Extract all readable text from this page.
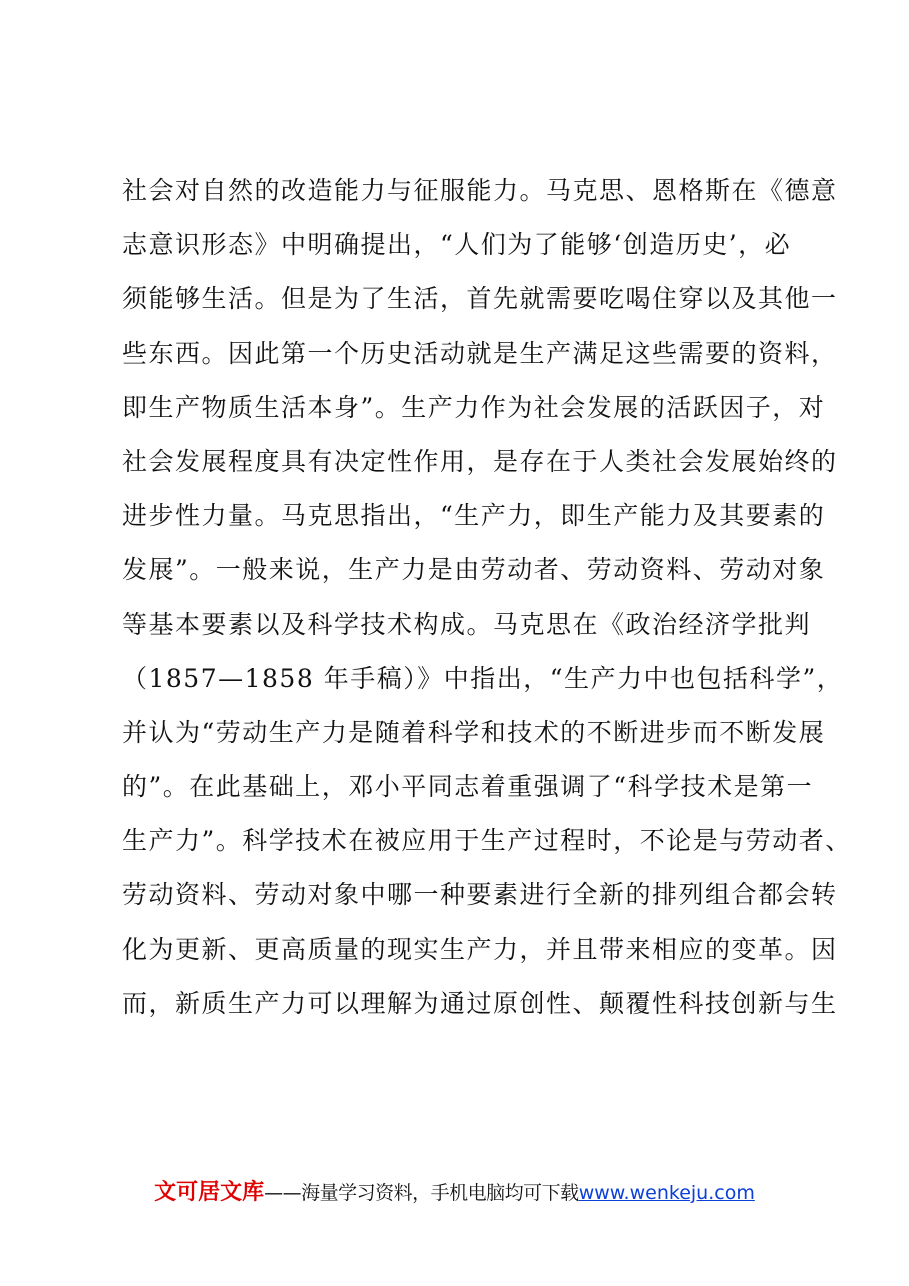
社会对自然的改造能力与征服能力。马克思、恩格斯在《德意
志意识形态》中明确提出，“人们为了能够‘创造历史’，必
须能够生活。但是为了生活，首先就需要吃喝住穿以及其他一
些东西。因此第一个历史活动就是生产满足这些需要的资料，
即生产物质生活本身”。生产力作为社会发展的活跃因子，对
社会发展程度具有决定性作用，是存在于人类社会发展始终的
进步性力量。马克思指出，“生产力，即生产能力及其要素的
发展”。一般来说，生产力是由劳动者、劳动资料、劳动对象
等基本要素以及科学技术构成。马克思在《政治经济学批判
（1857—1858 年手稿）》中指出，“生产力中也包括科学”，
并认为“劳动生产力是随着科学和技术的不断进步而不断发展
的”。在此基础上，邓小平同志着重强调了“科学技术是第一
生产力”。科学技术在被应用于生产过程时，不论是与劳动者、
劳动资料、劳动对象中哪一种要素进行全新的排列组合都会转
化为更新、更高质量的现实生产力，并且带来相应的变革。因
而，新质生产力可以理解为通过原创性、颠覆性科技创新与生
文可居文库——海量学习资料，手机电脑均可下载www.wenkeju.com
